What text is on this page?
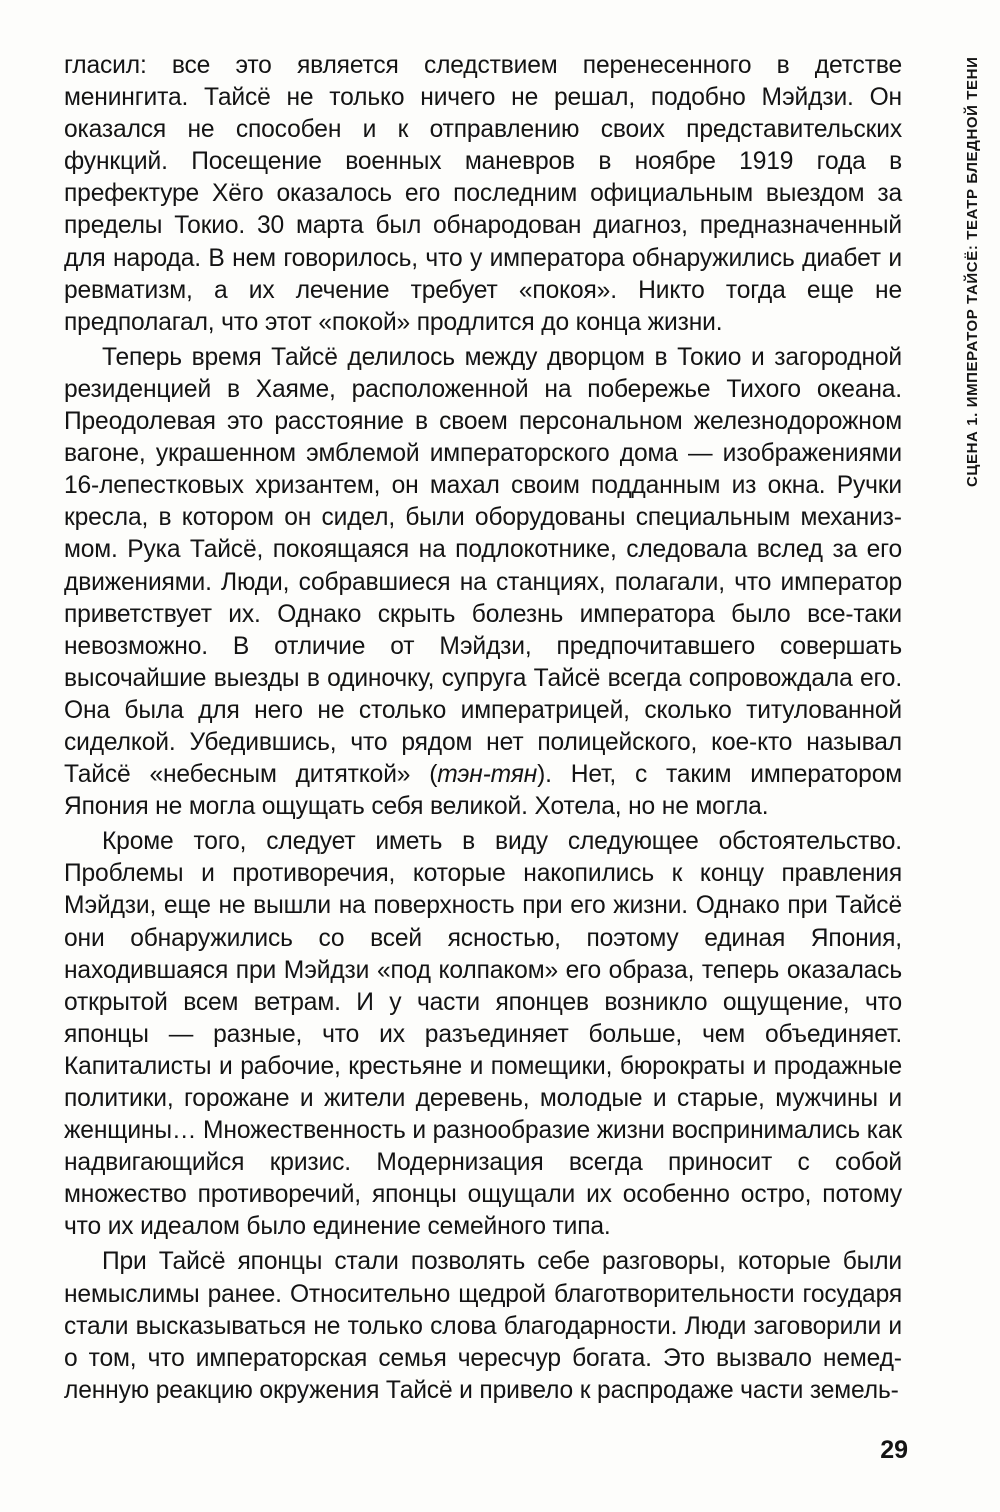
СЦЕНА 1. ИМПЕРАТОР ТАЙСЁ: ТЕАТР БЛЕДНОЙ ТЕНИ

гласил: все это является следствием перенесенного в детстве менингита. Тайсё не только ничего не решал, подобно Мэйдзи. Он оказался не способен и к отправлению своих представительских функций. Посещение военных маневров в ноябре 1919 года в префектуре Хёго оказалось его последним официальным выездом за пределы Токио. 30 марта был обнародован диагноз, предназначенный для народа. В нем говорилось, что у императора обнаружились диабет и ревматизм, а их лечение требует «покоя». Никто тогда еще не предполагал, что этот «покой» продлится до конца жизни.

Теперь время Тайсё делилось между дворцом в Токио и загородной резиденцией в Хаяме, расположенной на побережье Тихого океана. Преодолевая это расстояние в своем персональном железнодорожном вагоне, украшенном эмблемой императорского дома — изображениями 16-лепестковых хризантем, он махал своим подданным из окна. Ручки кресла, в котором он сидел, были оборудованы специальным механизмом. Рука Тайсё, покоящаяся на подлокотнике, следовала вслед за его движениями. Люди, собравшиеся на станциях, полагали, что император приветствует их. Однако скрыть болезнь императора было все-таки невозможно. В отличие от Мэйдзи, предпочитавшего совершать высочайшие выезды в одиночку, супруга Тайсё всегда сопровождала его. Она была для него не столько императрицей, сколько титулованной сиделкой. Убедившись, что рядом нет полицейского, кое-кто называл Тайсё «небесным дитяткой» (тэн-тян). Нет, с таким императором Япония не могла ощущать себя великой. Хотела, но не могла.

Кроме того, следует иметь в виду следующее обстоятельство. Проблемы и противоречия, которые накопились к концу правления Мэйдзи, еще не вышли на поверхность при его жизни. Однако при Тайсё они обнаружились со всей ясностью, поэтому единая Япония, находившаяся при Мэйдзи «под колпаком» его образа, теперь оказалась открытой всем ветрам. И у части японцев возникло ощущение, что японцы — разные, что их разъединяет больше, чем объединяет. Капиталисты и рабочие, крестьяне и помещики, бюрократы и продажные политики, горожане и жители деревень, молодые и старые, мужчины и женщины… Множественность и разнообразие жизни воспринимались как надвигающийся кризис. Модернизация всегда приносит с собой множество противоречий, японцы ощущали их особенно остро, потому что их идеалом было единение семейного типа.

При Тайсё японцы стали позволять себе разговоры, которые были немыслимы ранее. Относительно щедрой благотворительности государя стали высказываться не только слова благодарности. Люди заговорили и о том, что императорская семья чересчур богата. Это вызвало немедленную реакцию окружения Тайсё и привело к распродаже части земель-

29
